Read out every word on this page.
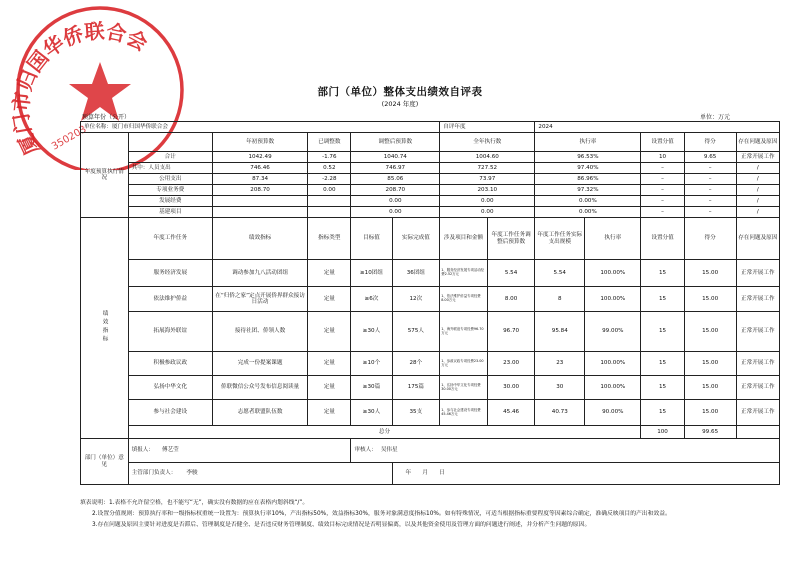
厦门市归国华侨联合会
350203
部门（单位）整体支出绩效自评表
(2024 年度)
预算年份（公开）	单位：万元
单位名称：厦门市归国华侨联合会						自评年度		2024				
年度预算执行情况		年初预算数	已调整数	调整后预算数		全年执行数		执行率		设置分值	得分	存在问题及原因
	合计	1042.49	-1.76	1040.74		1004.60		96.53%		10	9.65	正常开展工作
	其中：人员支出	746.46	0.52	746.97		727.52		97.40%		–	–	/
	公用支出	87.34	-2.28	85.06		73.97		86.96%		–	–	/
	专项业务费	208.70	0.00	208.70		203.10		97.32%		–	–	/
	发展经费			0.00		0.00		0.00%		–	–	/
	基建项目			0.00		0.00		0.00%		–	–	/
绩效指标	年度工作任务	绩效指标	指标类型	目标值	实际完成值	涉及项目和金额	年度工作任务调整后预算数	年度工作任务实际支出规模	执行率	设置分值	得分	存在问题及原因
	服务经济发展	调动参加九八活动团组	定量	≥10团组	36团组	1、服务经济发展专项活动经费2.52万元	5.54	5.54	100.00%	15	15.00	正常开展工作
	依法维护侨益	在“归侨之家”定点开展侨界群众接访日活动	定量	≥6次	12次	1、依法维护侨益专项经费8.00万元	8.00	8	100.00%	15	15.00	正常开展工作
	拓展海外联谊	接待社团、侨领人数	定量	≥30人	575人	1、海外联谊专项经费96.70万元	96.70	95.84	99.00%	15	15.00	正常开展工作
	积极参政议政	完成一份提案课题	定量	≥10个	28个	1、参政议政专项经费23.00万元	23.00	23	100.00%	15	15.00	正常开展工作
	弘扬中华文化	侨联微信公众号发布信息阅读量	定量	≥30篇	175篇	1、弘扬中华文化专项经费30.00万元	30.00	30	100.00%	15	15.00	正常开展工作
	参与社会建设	志愿者联盟队伍数	定量	≥30人	35支	1、参与社会建设专项经费45.46万元	45.46	40.73	90.00%	15	15.00	正常开展工作
	总分									100	99.65	
部门（单位）意见	填报人： 傅艺莹			审核人： 吴伟星								
	主管部门负责人： 李骏				年　　月　　日							
填表说明：1.表格不允许留空格，也不能写“无”，确实没有数据的应在表格内划斜线“/”。
2.设置分值规则：预算执行率和一级指标权重统一设置为：预算执行率10%，产出指标50%，效益指标30%，服务对象满意度指标10%。如有特殊情况，可适当根据指标重要程度等因素综合确定，准确反映项目的产出和效益。
3.存在问题及原因主要针对进度是否滞后、管理制度是否健全、是否违反财务管理制度、绩效目标完成情况是否明显偏离，以及其他资金使用及管理方面的问题进行阐述，并分析产生问题的原因。
